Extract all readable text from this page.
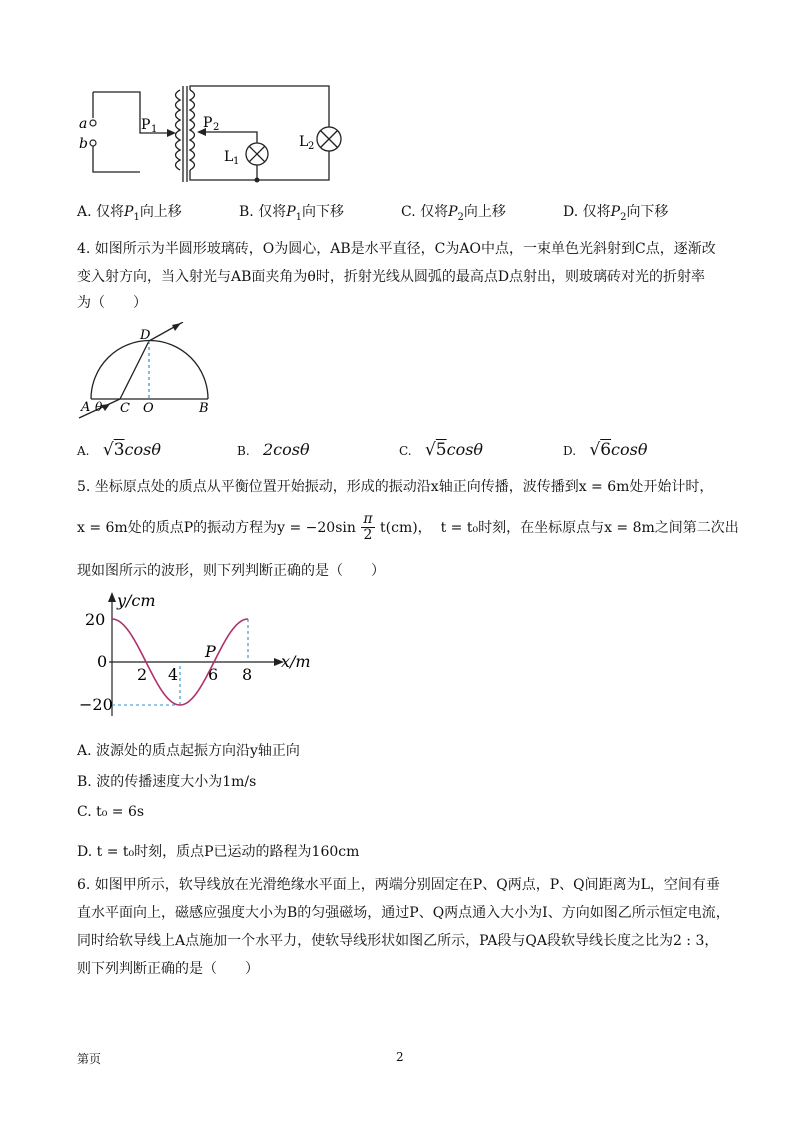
a
b
P 1	P 2
L 1
L 2
A. 仅将$P_1$向上移	B. 仅将$P_1$向下移	C. 仅将$P_2$向上移	D. 仅将$P_2$向下移
4. 如图所示为半圆形玻璃砖，O为圆心，AB是水平直径，C为AO中点，一束单色光斜射到C点，逐渐改
变入射方向，当入射光与AB面夹角为θ时，折射光线从圆弧的最高点D点射出，则玻璃砖对光的折射率
为（　　）
A θ C O	B
D
A. √3cosθ	B. 2cosθ	C. √5cosθ	D. √6cosθ
5. 坐标原点处的质点从平衡位置开始振动，形成的振动沿x轴正向传播，波传播到x = 6m处开始计时，
x = 6m处的质点P的振动方程为$y = -20\sin \frac{\pi}{2} t(cm)$， t = t₀时刻，在坐标原点与x = 8m之间第二次出
现如图所示的波形，则下列判断正确的是（　　）
y/cm
x/m
20
0
−20
2 4 6 8
P
A. 波源处的质点起振方向沿y轴正向
B. 波的传播速度大小为1m/s
C. t₀ = 6s
D. t = t₀时刻，质点P已运动的路程为160cm
6. 如图甲所示，软导线放在光滑绝缘水平面上，两端分别固定在P、Q两点，P、Q间距离为L，空间有垂
直水平面向上，磁感应强度大小为B的匀强磁场，通过P、Q两点通入大小为I、方向如图乙所示恒定电流，
同时给软导线上A点施加一个水平力，使软导线形状如图乙所示，PA段与QA段软导线长度之比为2 : 3，
则下列判断正确的是（　　）
第页	2
